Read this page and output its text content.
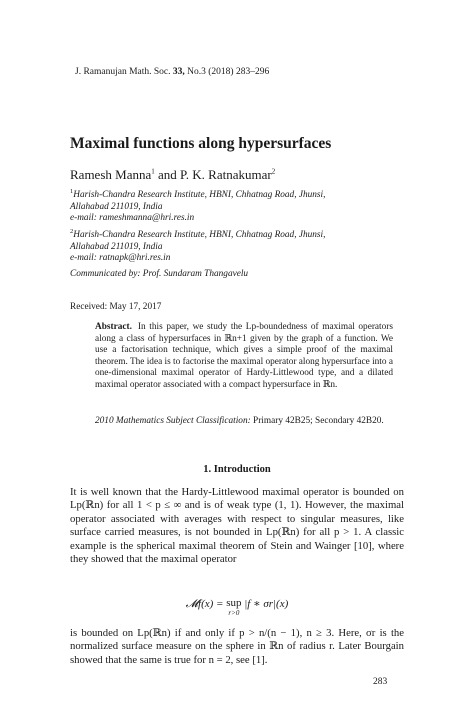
J. Ramanujan Math. Soc. 33, No.3 (2018) 283–296
Maximal functions along hypersurfaces
Ramesh Manna$^1$ and P. K. Ratnakumar$^2$
$^1$Harish-Chandra Research Institute, HBNI, Chhatnag Road, Jhunsi,
Allahabad 211019, India
e-mail: rameshmanna@hri.res.in
$^2$Harish-Chandra Research Institute, HBNI, Chhatnag Road, Jhunsi,
Allahabad 211019, India
e-mail: ratnapk@hri.res.in
Communicated by: Prof. Sundaram Thangavelu
Received: May 17, 2017
Abstract. In this paper, we study the Lp-boundedness of maximal operators along a class of hypersurfaces in ℝn+1 given by the graph of a function. We use a factorisation technique, which gives a simple proof of the maximal theorem. The idea is to factorise the maximal operator along hypersurface into a one-dimensional maximal operator of Hardy-Littlewood type, and a dilated maximal operator associated with a compact hypersurface in ℝn.
2010 Mathematics Subject Classification: Primary 42B25; Secondary 42B20.
1. Introduction
It is well known that the Hardy-Littlewood maximal operator is bounded on Lp(ℝn) for all 1 < p ≤ ∞ and is of weak type (1, 1). However, the maximal operator associated with averages with respect to singular measures, like surface carried measures, is not bounded in Lp(ℝn) for all p > 1. A classic example is the spherical maximal theorem of Stein and Wainger [10], where they showed that the maximal operator
𝓜f(x) = sup
r>0
|f ∗ σr|(x)
is bounded on Lp(ℝn) if and only if p > n/(n − 1), n ≥ 3. Here, σr is the normalized surface measure on the sphere in ℝn of radius r. Later Bourgain showed that the same is true for n = 2, see [1].
283
